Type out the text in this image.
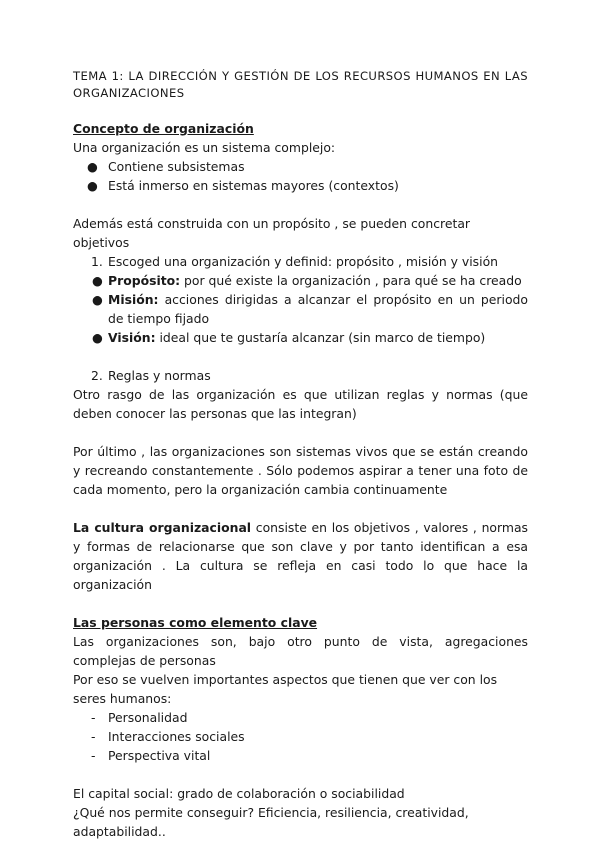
TEMA 1: LA DIRECCIÓN Y GESTIÓN DE LOS RECURSOS HUMANOS EN LAS ORGANIZACIONES

Concepto de organización

Una organización es un sistema complejo:

● Contiene subsistemas
● Está inmerso en sistemas mayores (contextos)

Además está construida con un propósito , se pueden concretar objetivos

1. Escoged una organización y definid: propósito , misión y visión
● Propósito: por qué existe la organización , para qué se ha creado
● Misión: acciones dirigidas a alcanzar el propósito en un periodo de tiempo fijado
● Visión: ideal que te gustaría alcanzar (sin marco de tiempo)
2. Reglas y normas

Otro rasgo de las organización es que utilizan reglas y normas (que deben conocer las personas que las integran)

Por último , las organizaciones son sistemas vivos que se están creando y recreando constantemente . Sólo podemos aspirar a tener una foto de cada momento, pero la organización cambia continuamente

La cultura organizacional consiste en los objetivos , valores , normas y formas de relacionarse que son clave y por tanto identifican a esa organización . La cultura se refleja en casi todo lo que hace la organización

Las personas como elemento clave

Las organizaciones son, bajo otro punto de vista, agregaciones complejas de personas

Por eso se vuelven importantes aspectos que tienen que ver con los seres humanos:

- Personalidad
- Interacciones sociales
- Perspectiva vital

El capital social: grado de colaboración o sociabilidad

¿Qué nos permite conseguir? Eficiencia, resiliencia, creatividad, adaptabilidad..
